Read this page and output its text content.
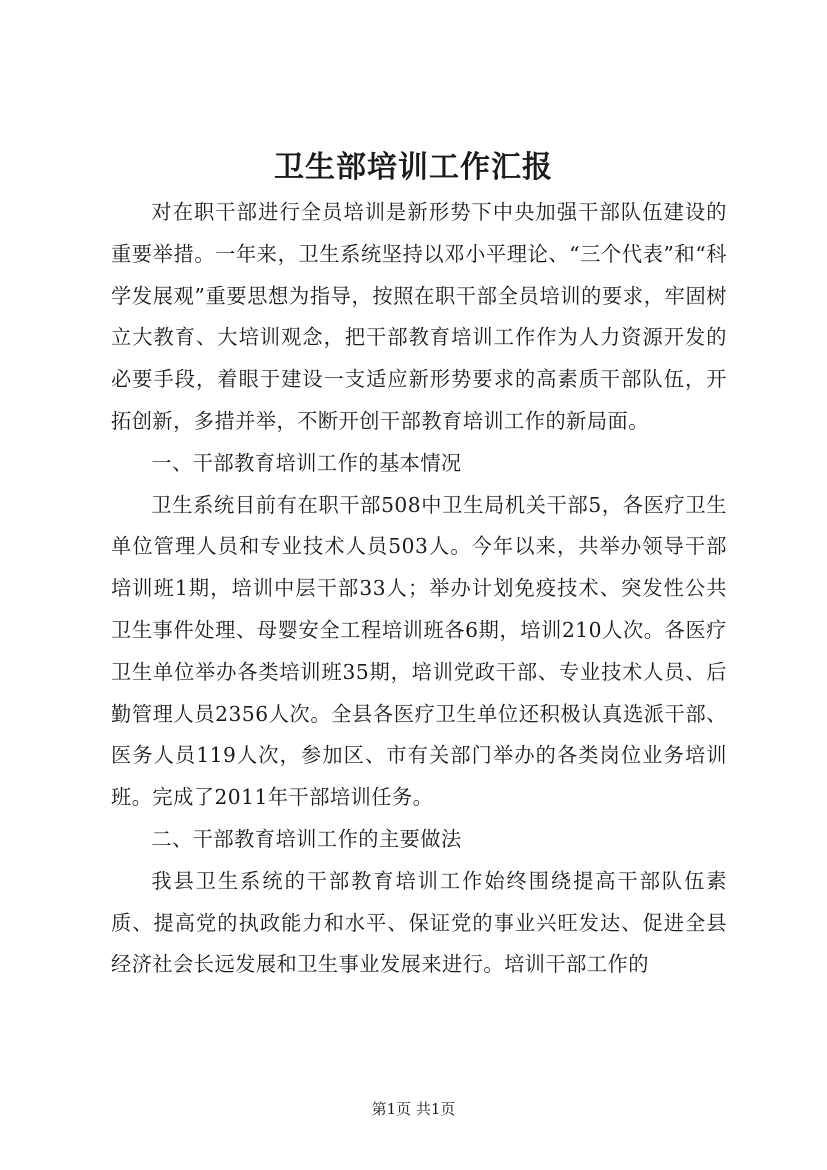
卫生部培训工作汇报

对在职干部进行全员培训是新形势下中央加强干部队伍建设的重要举措。一年来，卫生系统坚持以邓小平理论、“三个代表”和“科学发展观”重要思想为指导，按照在职干部全员培训的要求，牢固树立大教育、大培训观念，把干部教育培训工作作为人力资源开发的必要手段，着眼于建设一支适应新形势要求的高素质干部队伍，开拓创新，多措并举，不断开创干部教育培训工作的新局面。

一、干部教育培训工作的基本情况

卫生系统目前有在职干部508中卫生局机关干部5，各医疗卫生单位管理人员和专业技术人员503人。今年以来，共举办领导干部培训班1期，培训中层干部33人；举办计划免疫技术、突发性公共卫生事件处理、母婴安全工程培训班各6期，培训210人次。各医疗卫生单位举办各类培训班35期，培训党政干部、专业技术人员、后勤管理人员2356人次。全县各医疗卫生单位还积极认真选派干部、医务人员119人次，参加区、市有关部门举办的各类岗位业务培训班。完成了2011年干部培训任务。

二、干部教育培训工作的主要做法

我县卫生系统的干部教育培训工作始终围绕提高干部队伍素质、提高党的执政能力和水平、保证党的事业兴旺发达、促进全县经济社会长远发展和卫生事业发展来进行。培训干部工作的

第1页 共1页
